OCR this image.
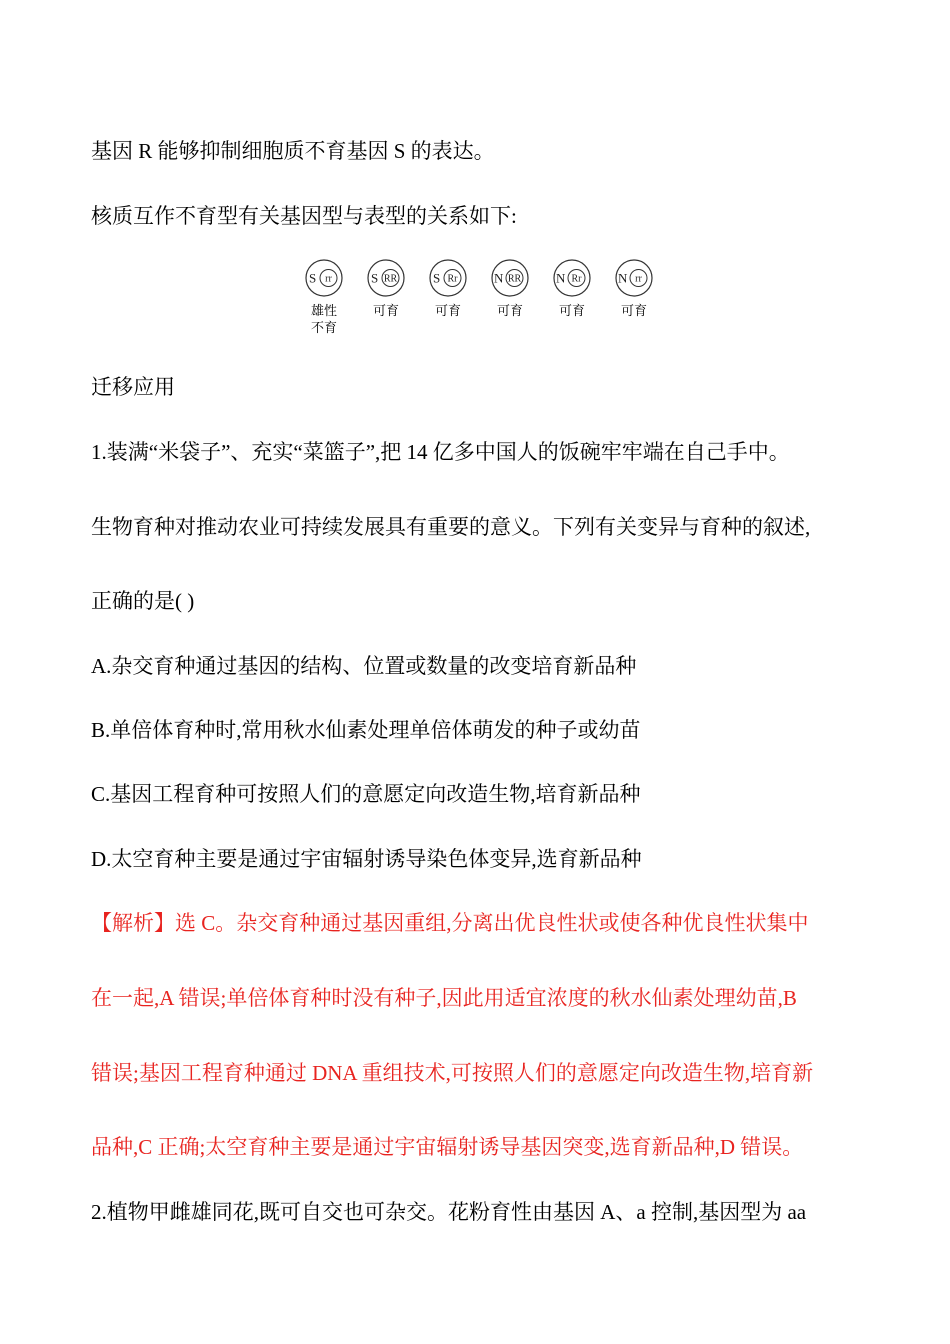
基因 R 能够抑制细胞质不育基因 S 的表达。

核质互作不育型有关基因型与表型的关系如下:

S rr
雄性
不育
S RR
可育
S Rr
可育
N RR
可育
N Rr
可育
N rr
可育

迁移应用

1.装满“米袋子”、充实“菜篮子”,把 14 亿多中国人的饭碗牢牢端在自己手中。

生物育种对推动农业可持续发展具有重要的意义。下列有关变异与育种的叙述,

正确的是( )

A.杂交育种通过基因的结构、位置或数量的改变培育新品种

B.单倍体育种时,常用秋水仙素处理单倍体萌发的种子或幼苗

C.基因工程育种可按照人们的意愿定向改造生物,培育新品种

D.太空育种主要是通过宇宙辐射诱导染色体变异,选育新品种

【解析】选 C。杂交育种通过基因重组,分离出优良性状或使各种优良性状集中

在一起,A 错误;单倍体育种时没有种子,因此用适宜浓度的秋水仙素处理幼苗,B

错误;基因工程育种通过 DNA 重组技术,可按照人们的意愿定向改造生物,培育新

品种,C 正确;太空育种主要是通过宇宙辐射诱导基因突变,选育新品种,D 错误。

2.植物甲雌雄同花,既可自交也可杂交。花粉育性由基因 A、a 控制,基因型为 aa
